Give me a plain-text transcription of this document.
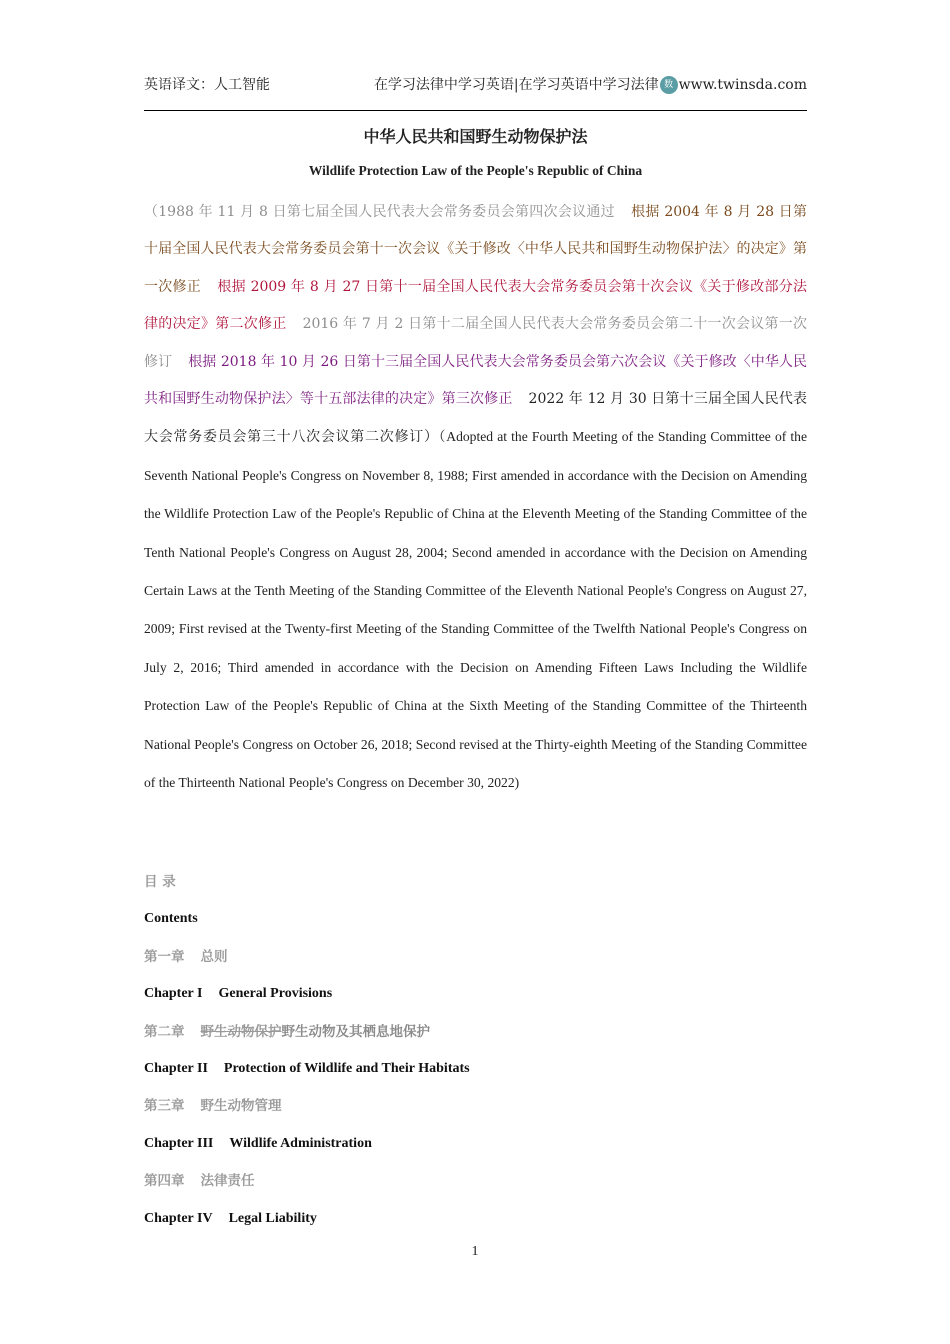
英语译文：人工智能	在学习法律中学习英语|在学习英语中学习法律 数 www.twinsda.com
中华人民共和国野生动物保护法
Wildlife Protection Law of the People's Republic of China

（1988 年 11 月 8 日第七届全国人民代表大会常务委员会第四次会议通过 根据 2004 年 8 月 28 日第十届全国人民代表大会常务委员会第十一次会议《关于修改〈中华人民共和国野生动物保护法〉的决定》第一次修正 根据 2009 年 8 月 27 日第十一届全国人民代表大会常务委员会第十次会议《关于修改部分法律的决定》第二次修正 2016 年 7 月 2 日第十二届全国人民代表大会常务委员会第二十一次会议第一次修订 根据 2018 年 10 月 26 日第十三届全国人民代表大会常务委员会第六次会议《关于修改〈中华人民共和国野生动物保护法〉等十五部法律的决定》第三次修正 2022 年 12 月 30 日第十三届全国人民代表大会常务委员会第三十八次会议第二次修订）（Adopted at the Fourth Meeting of the Standing Committee of the Seventh National People's Congress on November 8, 1988; First amended in accordance with the Decision on Amending the Wildlife Protection Law of the People's Republic of China at the Eleventh Meeting of the Standing Committee of the Tenth National People's Congress on August 28, 2004; Second amended in accordance with the Decision on Amending Certain Laws at the Tenth Meeting of the Standing Committee of the Eleventh National People's Congress on August 27, 2009; First revised at the Twenty-first Meeting of the Standing Committee of the Twelfth National People's Congress on July 2, 2016; Third amended in accordance with the Decision on Amending Fifteen Laws Including the Wildlife Protection Law of the People's Republic of China at the Sixth Meeting of the Standing Committee of the Thirteenth National People's Congress on October 26, 2018; Second revised at the Thirty-eighth Meeting of the Standing Committee of the Thirteenth National People's Congress on December 30, 2022)

目 录
Contents
第一章 总则
Chapter I General Provisions
第二章 野生动物保护野生动物及其栖息地保护
Chapter II Protection of Wildlife and Their Habitats
第三章 野生动物管理
Chapter III Wildlife Administration
第四章 法律责任
Chapter IV Legal Liability
1
